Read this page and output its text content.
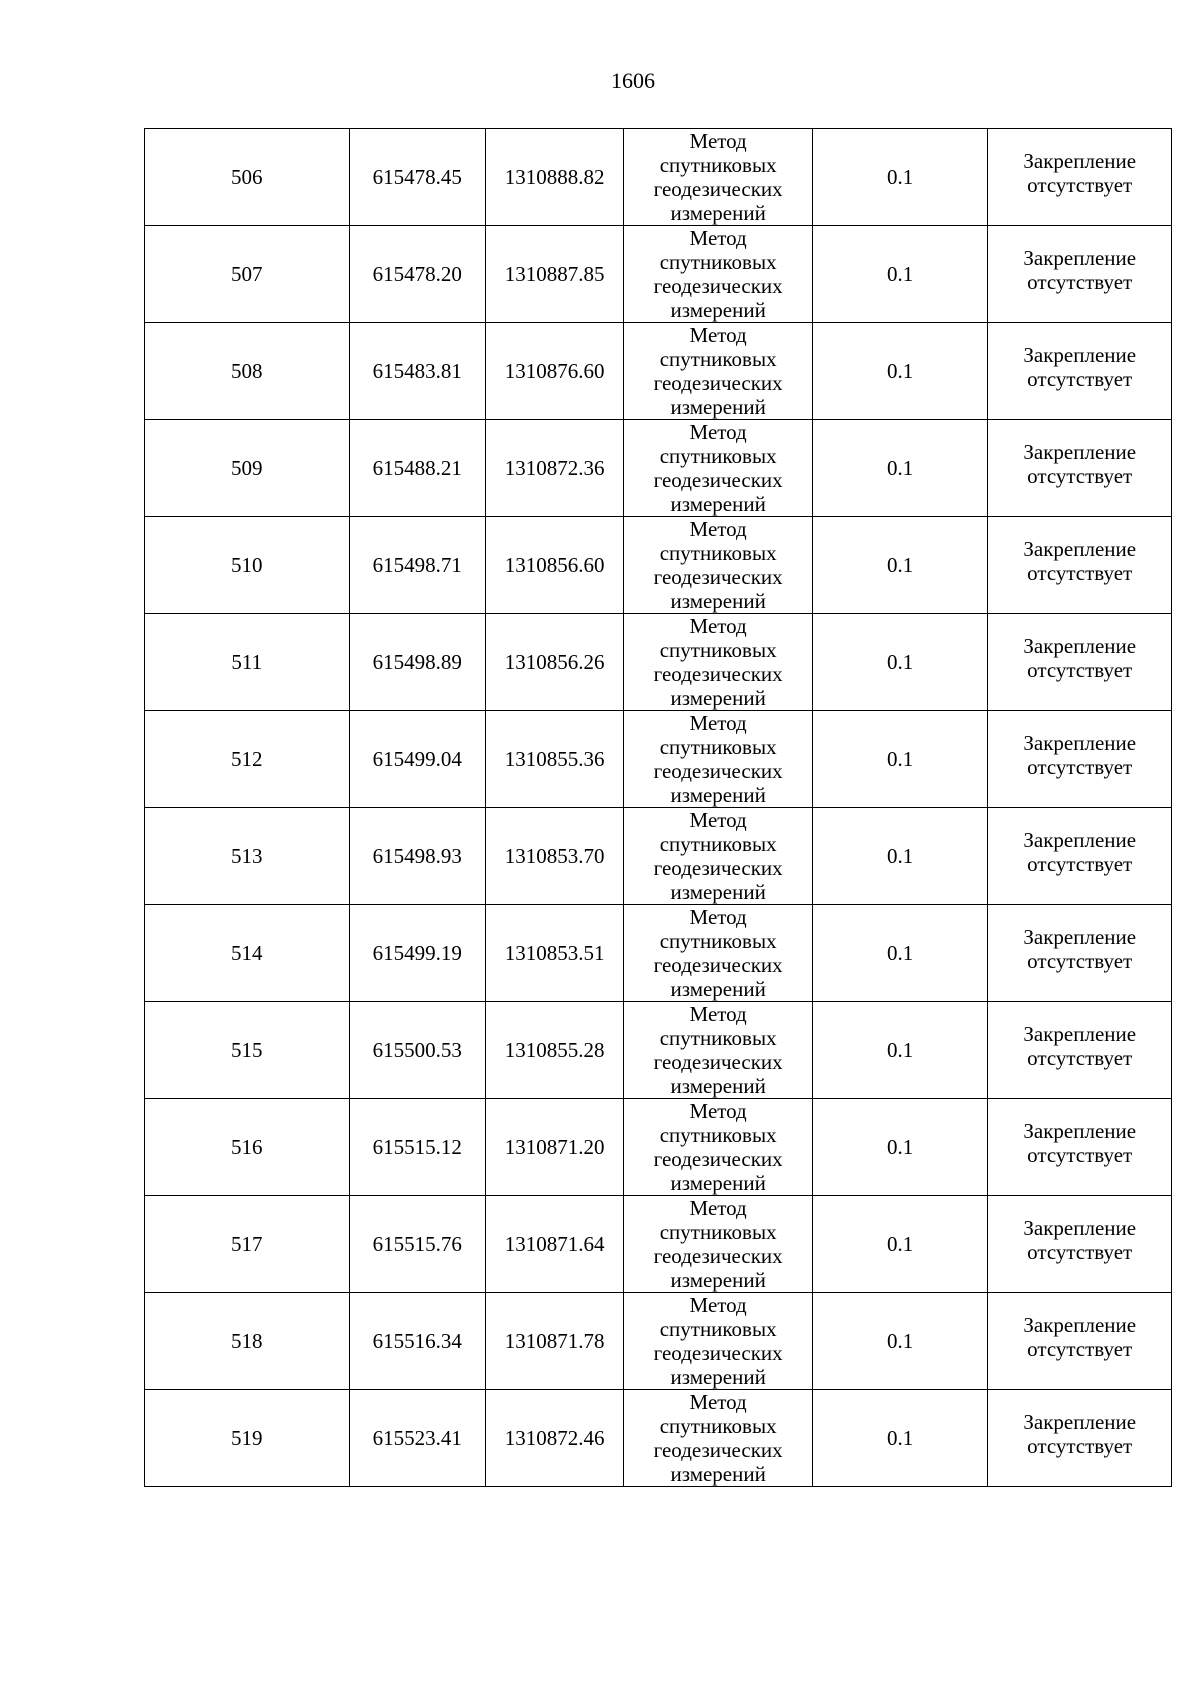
1606
506	615478.45	1310888.82	Метод
спутниковых
геодезических
измерений	0.1	Закреплениеотсутствует
507	615478.20	1310887.85	Метод
спутниковых
геодезических
измерений	0.1	Закреплениеотсутствует
508	615483.81	1310876.60	Метод
спутниковых
геодезических
измерений	0.1	Закреплениеотсутствует
509	615488.21	1310872.36	Метод
спутниковых
геодезических
измерений	0.1	Закреплениеотсутствует
510	615498.71	1310856.60	Метод
спутниковых
геодезических
измерений	0.1	Закреплениеотсутствует
511	615498.89	1310856.26	Метод
спутниковых
геодезических
измерений	0.1	Закреплениеотсутствует
512	615499.04	1310855.36	Метод
спутниковых
геодезических
измерений	0.1	Закреплениеотсутствует
513	615498.93	1310853.70	Метод
спутниковых
геодезических
измерений	0.1	Закреплениеотсутствует
514	615499.19	1310853.51	Метод
спутниковых
геодезических
измерений	0.1	Закреплениеотсутствует
515	615500.53	1310855.28	Метод
спутниковых
геодезических
измерений	0.1	Закреплениеотсутствует
516	615515.12	1310871.20	Метод
спутниковых
геодезических
измерений	0.1	Закреплениеотсутствует
517	615515.76	1310871.64	Метод
спутниковых
геодезических
измерений	0.1	Закреплениеотсутствует
518	615516.34	1310871.78	Метод
спутниковых
геодезических
измерений	0.1	Закреплениеотсутствует
519	615523.41	1310872.46	Метод
спутниковых
геодезических
измерений	0.1	Закреплениеотсутствует
